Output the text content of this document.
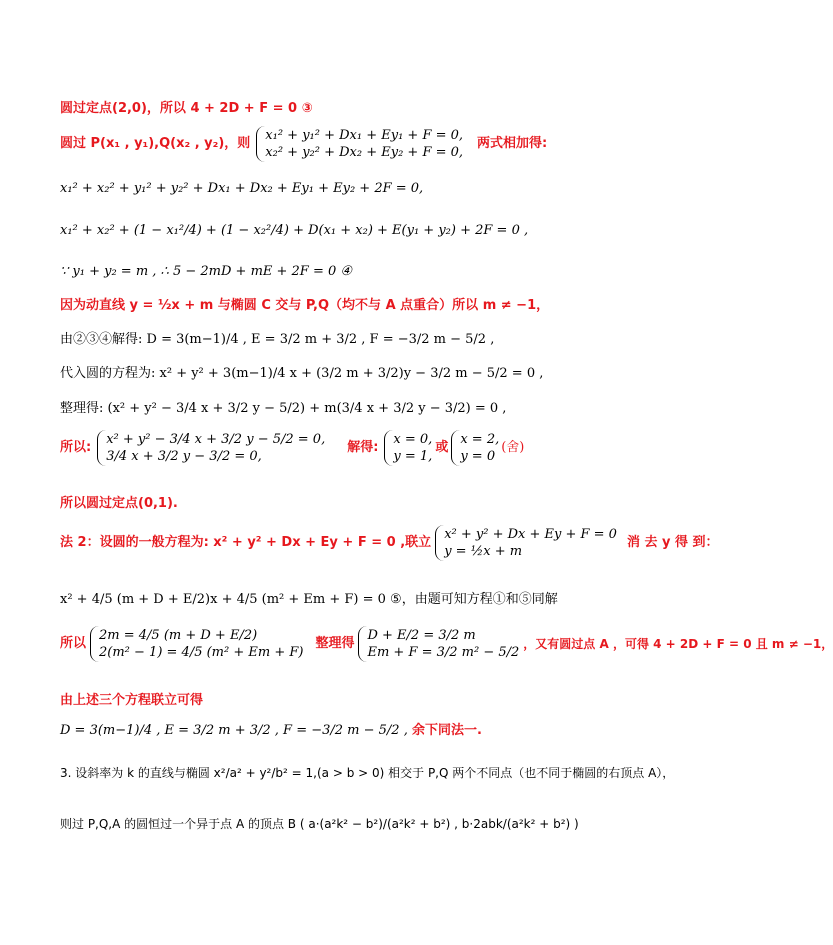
圆过定点(2,0)，所以 4 + 2D + F = 0 ③
圆过 P(x₁ , y₁),Q(x₂ , y₂)，则
x₁² + y₁² + Dx₁ + Ey₁ + F = 0,
x₂² + y₂² + Dx₂ + Ey₂ + F = 0,
两式相加得:
x₁² + x₂² + y₁² + y₂² + Dx₁ + Dx₂ + Ey₁ + Ey₂ + 2F = 0,
x₁² + x₂² + (1 − x₁²/4) + (1 − x₂²/4) + D(x₁ + x₂) + E(y₁ + y₂) + 2F = 0 ,
∵ y₁ + y₂ = m , ∴ 5 − 2mD + mE + 2F = 0 ④
因为动直线 y = ½x + m 与椭圆 C 交与 P,Q（均不与 A 点重合）所以 m ≠ −1，
由②③④解得: D = 3(m−1)/4 , E = 3/2 m + 3/2 , F = −3/2 m − 5/2 ,
代入圆的方程为: x² + y² + 3(m−1)/4 x + (3/2 m + 3/2)y − 3/2 m − 5/2 = 0 ,
整理得: (x² + y² − 3/4 x + 3/2 y − 5/2) + m(3/4 x + 3/2 y − 3/2) = 0 ,
所以:
x² + y² − 3/4 x + 3/2 y − 5/2 = 0,
3/4 x + 3/2 y − 3/2 = 0,
解得:
x = 0,
y = 1,
或
x = 2,
y = 0
(舍)
所以圆过定点(0,1).
法 2：设圆的一般方程为: x² + y² + Dx + Ey + F = 0 ,联立
x² + y² + Dx + Ey + F = 0
y = ½x + m
消 去 y 得 到：
x² + 4/5 (m + D + E/2)x + 4/5 (m² + Em + F) = 0 ⑤，由题可知方程①和⑤同解
所以
2m = 4/5 (m + D + E/2)
2(m² − 1) = 4/5 (m² + Em + F)
整理得
D + E/2 = 3/2 m
Em + F = 3/2 m² − 5/2
，又有圆过点 A ，可得 4 + 2D + F = 0 且 m ≠ −1，
由上述三个方程联立可得
D = 3(m−1)/4 , E = 3/2 m + 3/2 , F = −3/2 m − 5/2 , 余下同法一.
3. 设斜率为 k 的直线与椭圆 x²/a² + y²/b² = 1,(a > b > 0) 相交于 P,Q 两个不同点（也不同于椭圆的右顶点 A），
则过 P,Q,A 的圆恒过一个异于点 A 的顶点 B ( a·(a²k² − b²)/(a²k² + b²) , b·2abk/(a²k² + b²) )
